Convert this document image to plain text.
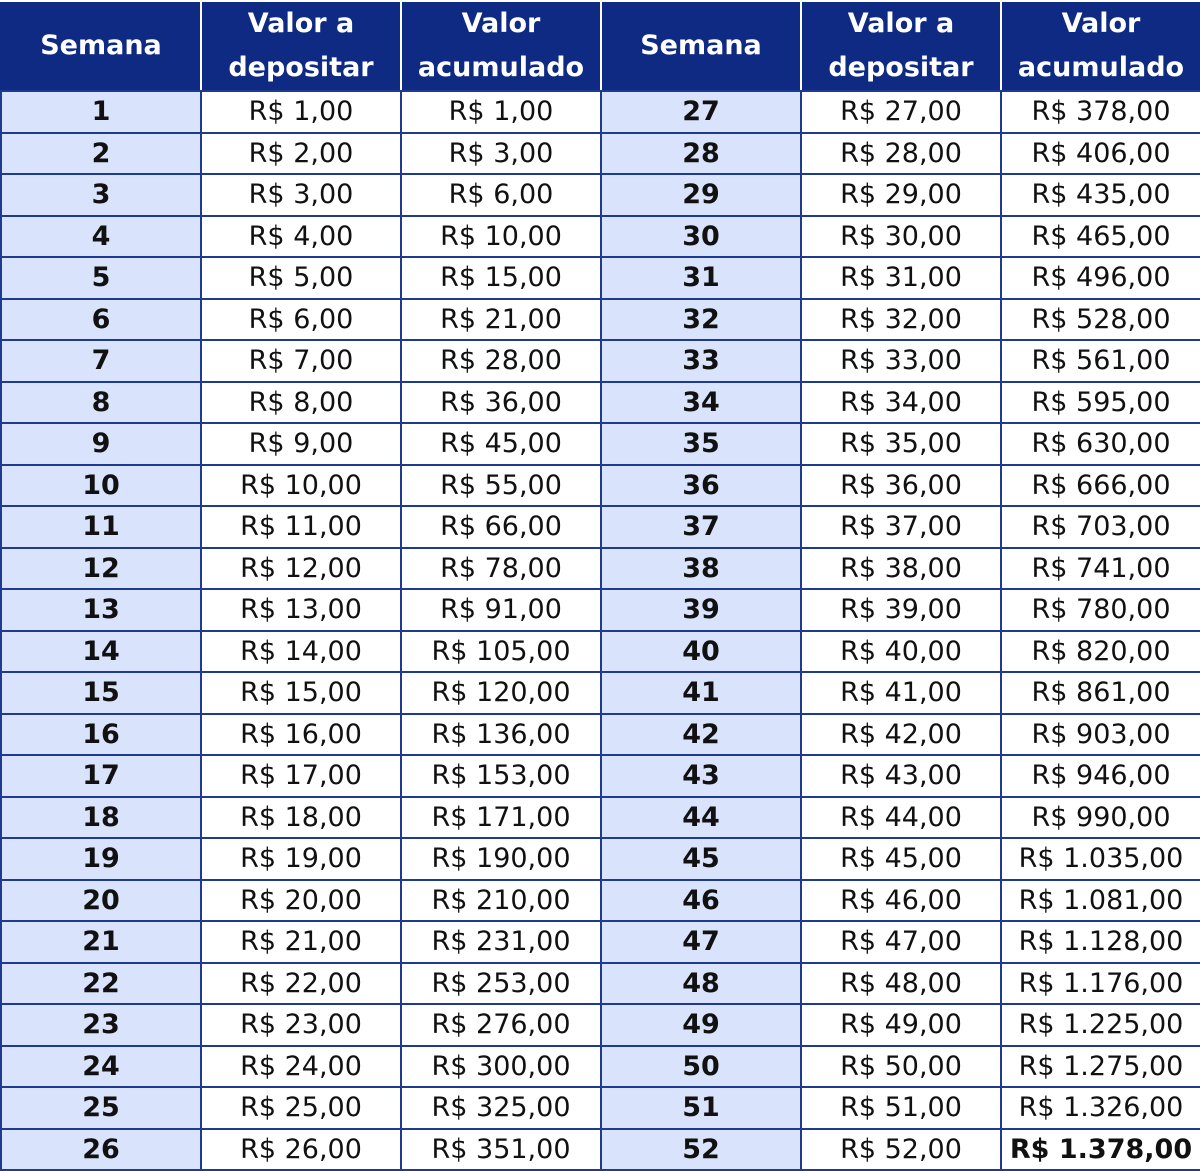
Semana	Valor a depositar	Valor acumulado	Semana	Valor a depositar	Valor acumulado
1	R$ 1,00	R$ 1,00	27	R$ 27,00	R$ 378,00
2	R$ 2,00	R$ 3,00	28	R$ 28,00	R$ 406,00
3	R$ 3,00	R$ 6,00	29	R$ 29,00	R$ 435,00
4	R$ 4,00	R$ 10,00	30	R$ 30,00	R$ 465,00
5	R$ 5,00	R$ 15,00	31	R$ 31,00	R$ 496,00
6	R$ 6,00	R$ 21,00	32	R$ 32,00	R$ 528,00
7	R$ 7,00	R$ 28,00	33	R$ 33,00	R$ 561,00
8	R$ 8,00	R$ 36,00	34	R$ 34,00	R$ 595,00
9	R$ 9,00	R$ 45,00	35	R$ 35,00	R$ 630,00
10	R$ 10,00	R$ 55,00	36	R$ 36,00	R$ 666,00
11	R$ 11,00	R$ 66,00	37	R$ 37,00	R$ 703,00
12	R$ 12,00	R$ 78,00	38	R$ 38,00	R$ 741,00
13	R$ 13,00	R$ 91,00	39	R$ 39,00	R$ 780,00
14	R$ 14,00	R$ 105,00	40	R$ 40,00	R$ 820,00
15	R$ 15,00	R$ 120,00	41	R$ 41,00	R$ 861,00
16	R$ 16,00	R$ 136,00	42	R$ 42,00	R$ 903,00
17	R$ 17,00	R$ 153,00	43	R$ 43,00	R$ 946,00
18	R$ 18,00	R$ 171,00	44	R$ 44,00	R$ 990,00
19	R$ 19,00	R$ 190,00	45	R$ 45,00	R$ 1.035,00
20	R$ 20,00	R$ 210,00	46	R$ 46,00	R$ 1.081,00
21	R$ 21,00	R$ 231,00	47	R$ 47,00	R$ 1.128,00
22	R$ 22,00	R$ 253,00	48	R$ 48,00	R$ 1.176,00
23	R$ 23,00	R$ 276,00	49	R$ 49,00	R$ 1.225,00
24	R$ 24,00	R$ 300,00	50	R$ 50,00	R$ 1.275,00
25	R$ 25,00	R$ 325,00	51	R$ 51,00	R$ 1.326,00
26	R$ 26,00	R$ 351,00	52	R$ 52,00	R$ 1.378,00
